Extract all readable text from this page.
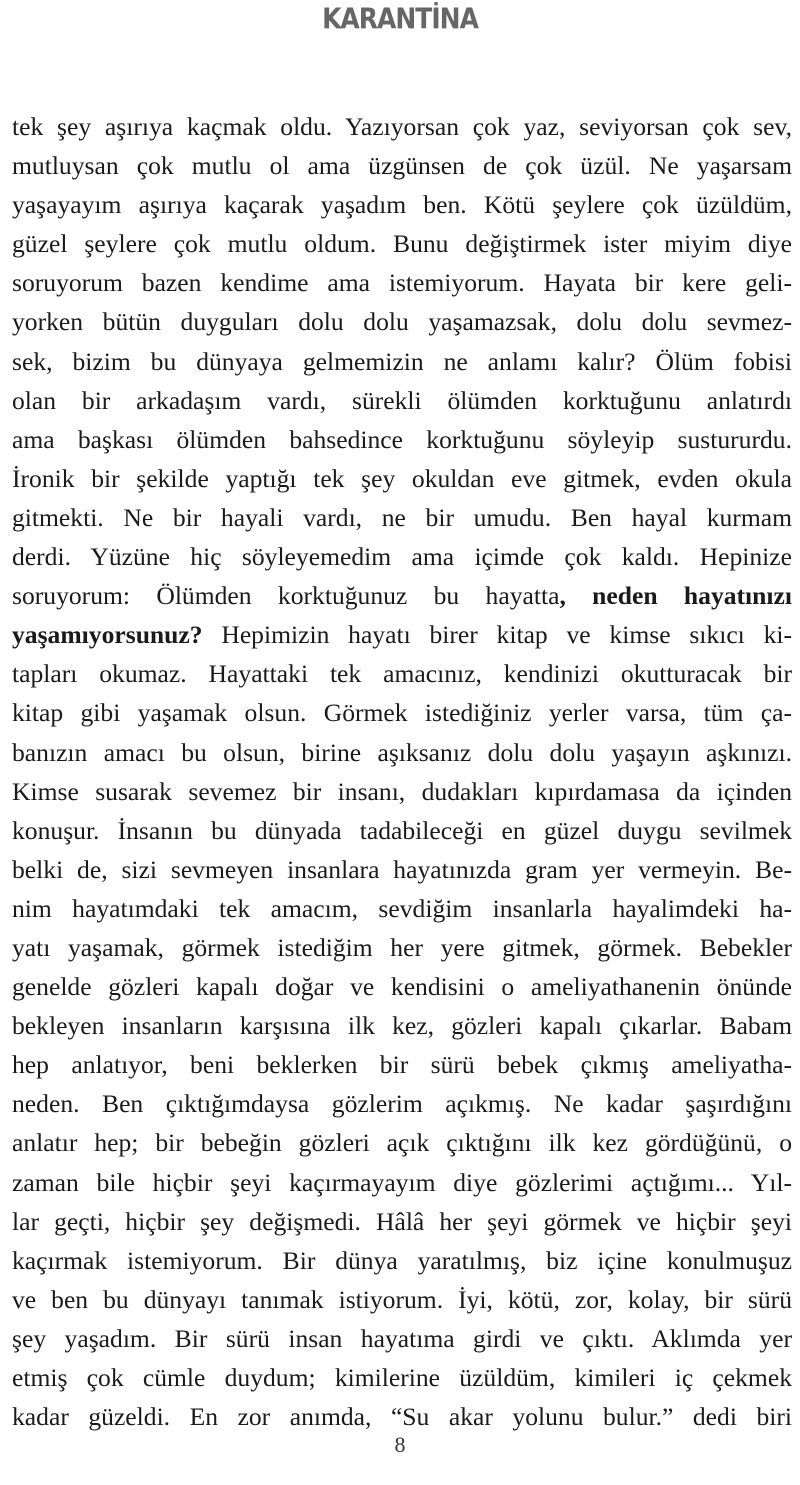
KARANTİNA
tek şey aşırıya kaçmak oldu. Yazıyorsan çok yaz, seviyorsan çok sev,
mutluysan çok mutlu ol ama üzgünsen de çok üzül. Ne yaşarsam
yaşayayım aşırıya kaçarak yaşadım ben. Kötü şeylere çok üzüldüm,
güzel şeylere çok mutlu oldum. Bunu değiştirmek ister miyim diye
soruyorum bazen kendime ama istemiyorum. Hayata bir kere geli-
yorken bütün duyguları dolu dolu yaşamazsak, dolu dolu sevmez-
sek, bizim bu dünyaya gelmemizin ne anlamı kalır? Ölüm fobisi
olan bir arkadaşım vardı, sürekli ölümden korktuğunu anlatırdı
ama başkası ölümden bahsedince korktuğunu söyleyip sustururdu.
İronik bir şekilde yaptığı tek şey okuldan eve gitmek, evden okula
gitmekti. Ne bir hayali vardı, ne bir umudu. Ben hayal kurmam
derdi. Yüzüne hiç söyleyemedim ama içimde çok kaldı. Hepinize
soruyorum: Ölümden korktuğunuz bu hayatta, neden hayatınızı
yaşamıyorsunuz? Hepimizin hayatı birer kitap ve kimse sıkıcı ki-
tapları okumaz. Hayattaki tek amacınız, kendinizi okutturacak bir
kitap gibi yaşamak olsun. Görmek istediğiniz yerler varsa, tüm ça-
banızın amacı bu olsun, birine aşıksanız dolu dolu yaşayın aşkınızı.
Kimse susarak sevemez bir insanı, dudakları kıpırdamasa da içinden
konuşur. İnsanın bu dünyada tadabileceği en güzel duygu sevilmek
belki de, sizi sevmeyen insanlara hayatınızda gram yer vermeyin. Be-
nim hayatımdaki tek amacım, sevdiğim insanlarla hayalimdeki ha-
yatı yaşamak, görmek istediğim her yere gitmek, görmek. Bebekler
genelde gözleri kapalı doğar ve kendisini o ameliyathanenin önünde
bekleyen insanların karşısına ilk kez, gözleri kapalı çıkarlar. Babam
hep anlatıyor, beni beklerken bir sürü bebek çıkmış ameliyatha-
neden. Ben çıktığımdaysa gözlerim açıkmış. Ne kadar şaşırdığını
anlatır hep; bir bebeğin gözleri açık çıktığını ilk kez gördüğünü, o
zaman bile hiçbir şeyi kaçırmayayım diye gözlerimi açtığımı... Yıl-
lar geçti, hiçbir şey değişmedi. Hâlâ her şeyi görmek ve hiçbir şeyi
kaçırmak istemiyorum. Bir dünya yaratılmış, biz içine konulmuşuz
ve ben bu dünyayı tanımak istiyorum. İyi, kötü, zor, kolay, bir sürü
şey yaşadım. Bir sürü insan hayatıma girdi ve çıktı. Aklımda yer
etmiş çok cümle duydum; kimilerine üzüldüm, kimileri iç çekmek
kadar güzeldi. En zor anımda, “Su akar yolunu bulur.” dedi biri
8
